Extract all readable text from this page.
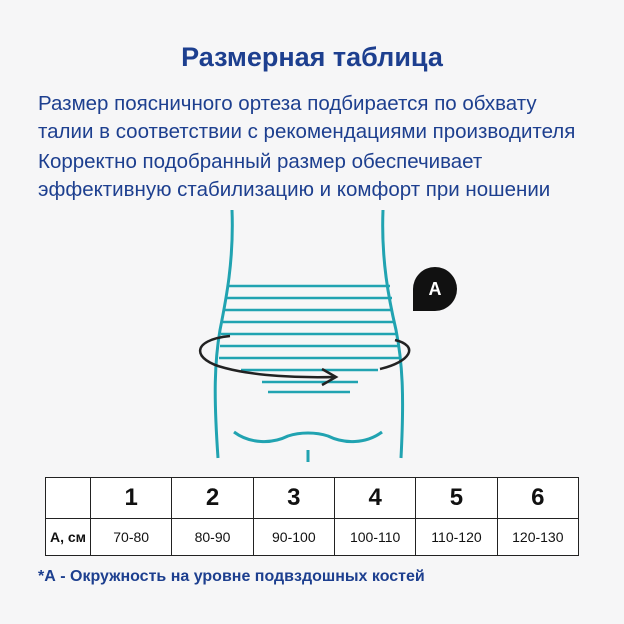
Размерная таблица
Размер поясничного ортеза подбирается по обхвату
талии в соответствии с рекомендациями производителя
Корректно подобранный размер обеспечивает
эффективную стабилизацию и комфорт при ношении
A
	1	2	3	4	5	6
А, см	70-80	80-90	90-100	100-110	110-120	120-130
*А - Окружность на уровне подвздошных костей
